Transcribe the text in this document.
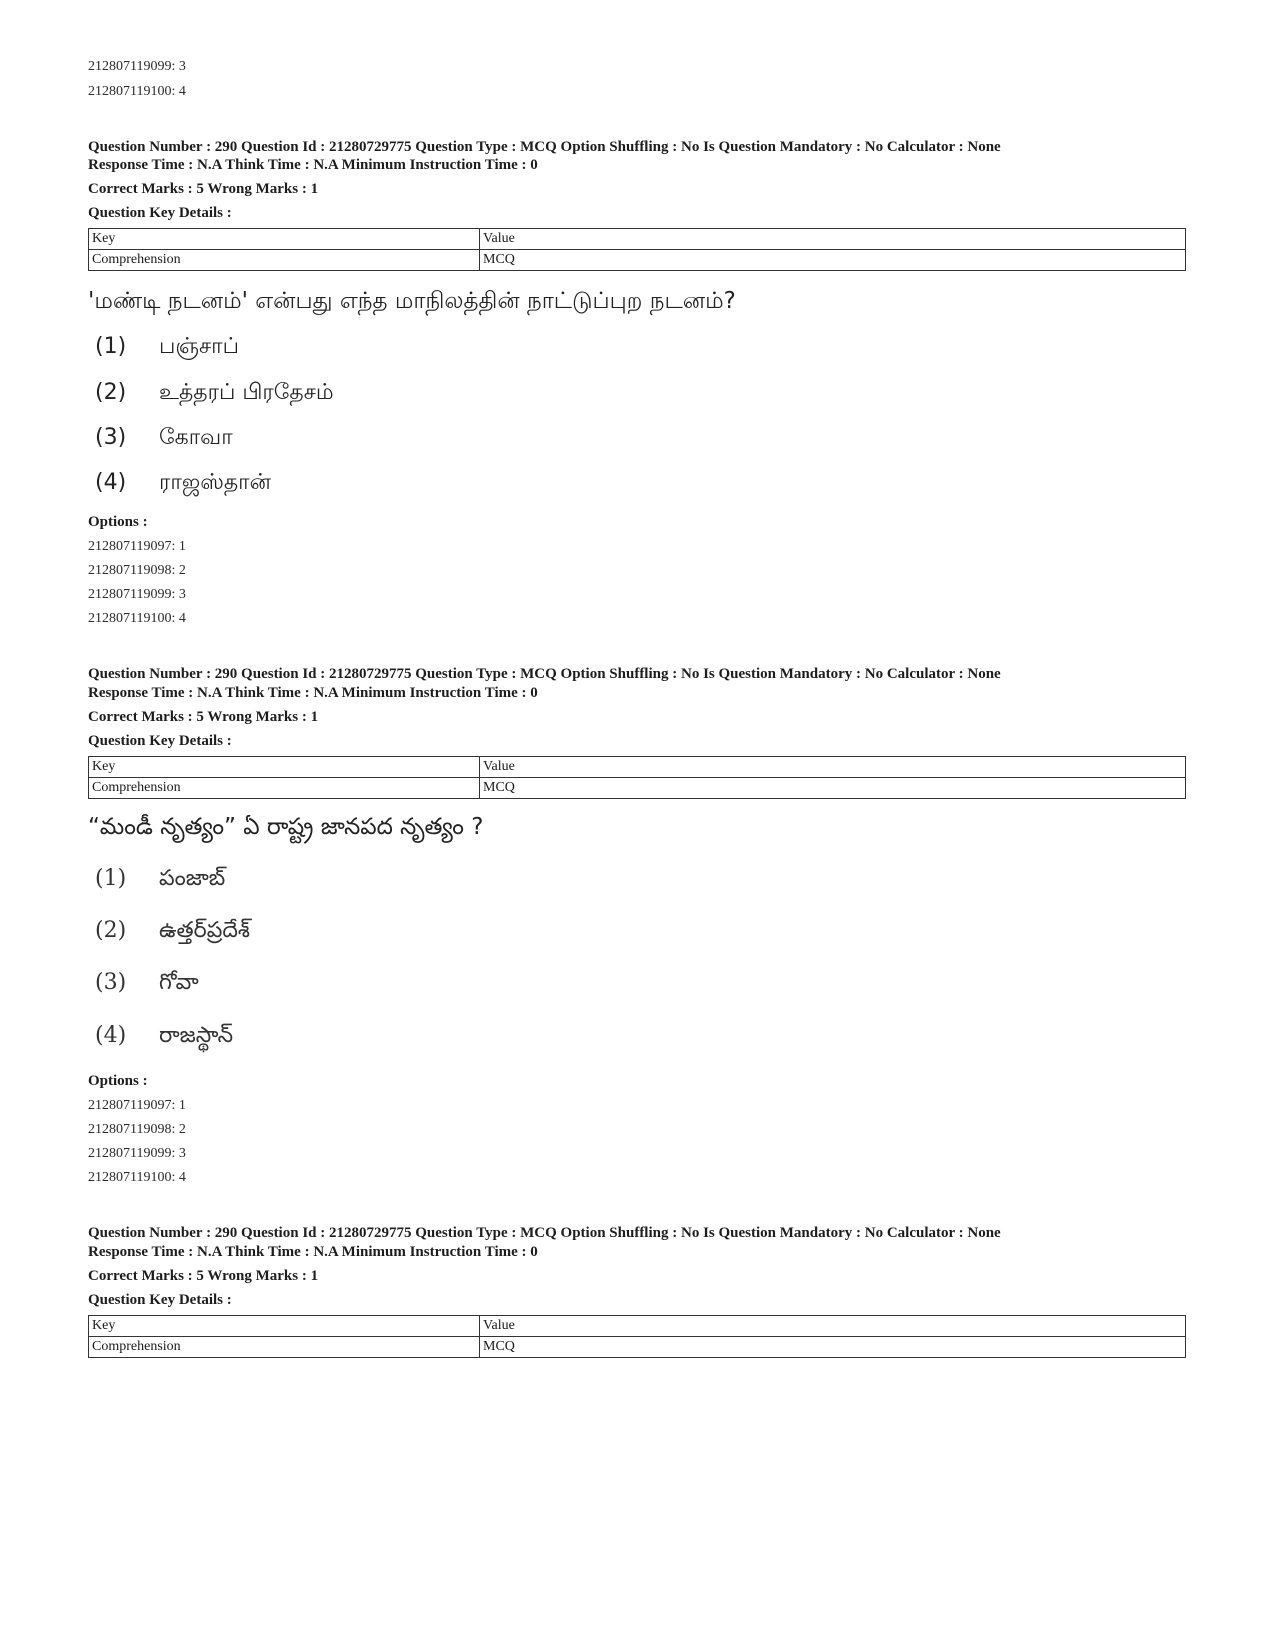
212807119099: 3
212807119100: 4
Question Number : 290 Question Id : 21280729775 Question Type : MCQ Option Shuffling : No Is Question Mandatory : No Calculator : None
Response Time : N.A Think Time : N.A Minimum Instruction Time : 0
Correct Marks : 5 Wrong Marks : 1
Question Key Details :
Key	Value
Comprehension	MCQ
'மண்டி நடனம்' என்பது எந்த மாநிலத்தின் நாட்டுப்புற நடனம்?
(1) பஞ்சாப்
(2) உத்தரப் பிரதேசம்
(3) கோவா
(4) ராஜஸ்தான்
Options :
212807119097: 1
212807119098: 2
212807119099: 3
212807119100: 4
Question Number : 290 Question Id : 21280729775 Question Type : MCQ Option Shuffling : No Is Question Mandatory : No Calculator : None
Response Time : N.A Think Time : N.A Minimum Instruction Time : 0
Correct Marks : 5 Wrong Marks : 1
Question Key Details :
Key	Value
Comprehension	MCQ
“మండీ నృత్యం” ఏ రాష్ట్ర జానపద నృత్యం ?
(1) పంజాబ్
(2) ఉత్తర్‌ప్రదేశ్
(3) గోవా
(4) రాజస్థాన్
Options :
212807119097: 1
212807119098: 2
212807119099: 3
212807119100: 4
Question Number : 290 Question Id : 21280729775 Question Type : MCQ Option Shuffling : No Is Question Mandatory : No Calculator : None
Response Time : N.A Think Time : N.A Minimum Instruction Time : 0
Correct Marks : 5 Wrong Marks : 1
Question Key Details :
Key	Value
Comprehension	MCQ
